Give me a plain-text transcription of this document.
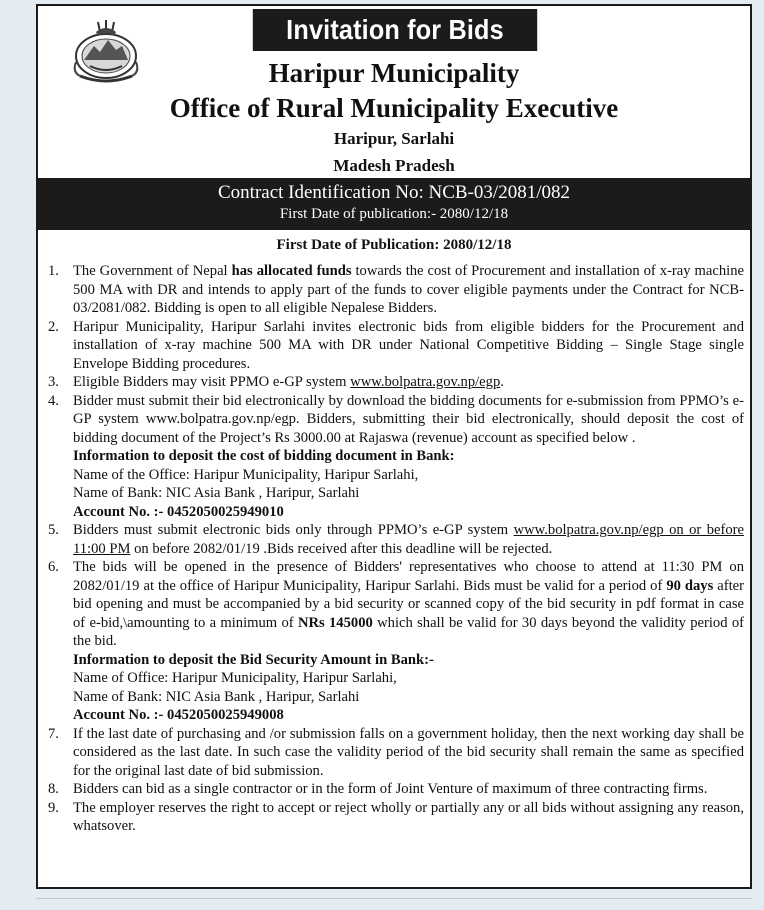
Invitation for Bids
Haripur Municipality
Office of Rural Municipality Executive
Haripur, Sarlahi
Madesh Pradesh
Contract Identification No: NCB-03/2081/082
First Date of publication:- 2080/12/18
First Date of Publication: 2080/12/18
1. The Government of Nepal has allocated funds towards the cost of Procurement and installation of x-ray machine 500 MA with DR and intends to apply part of the funds to cover eligible payments under the Contract for NCB-03/2081/082. Bidding is open to all eligible Nepalese Bidders.
2. Haripur Municipality, Haripur Sarlahi invites electronic bids from eligible bidders for the Procurement and installation of x-ray machine 500 MA with DR under National Competitive Bidding – Single Stage single Envelope Bidding procedures.
3. Eligible Bidders may visit PPMO e-GP system www.bolpatra.gov.np/egp.
4. Bidder must submit their bid electronically by download the bidding documents for e-submission from PPMO’s e-GP system www.bolpatra.gov.np/egp. Bidders, submitting their bid electronically, should deposit the cost of bidding document of the Project’s Rs 3000.00 at Rajaswa (revenue) account as specified below .
Information to deposit the cost of bidding document in Bank:
Name of the Office: Haripur Municipality, Haripur Sarlahi,
Name of Bank: NIC Asia Bank , Haripur, Sarlahi
Account No. :- 0452050025949010
5. Bidders must submit electronic bids only through PPMO’s e-GP system www.bolpatra.gov.np/egp on or before 11:00 PM on before 2082/01/19 .Bids received after this deadline will be rejected.
6. The bids will be opened in the presence of Bidders' representatives who choose to attend at 11:30 PM on 2082/01/19 at the office of Haripur Municipality, Haripur Sarlahi. Bids must be valid for a period of 90 days after bid opening and must be accompanied by a bid security or scanned copy of the bid security in pdf format in case of e-bid,\amounting to a minimum of NRs 145000 which shall be valid for 30 days beyond the validity period of the bid.
Information to deposit the Bid Security Amount in Bank:-
Name of Office: Haripur Municipality, Haripur Sarlahi,
Name of Bank: NIC Asia Bank , Haripur, Sarlahi
Account No. :- 0452050025949008
7. If the last date of purchasing and /or submission falls on a government holiday, then the next working day shall be considered as the last date. In such case the validity period of the bid security shall remain the same as specified for the original last date of bid submission.
8. Bidders can bid as a single contractor or in the form of Joint Venture of maximum of three contracting firms.
9. The employer reserves the right to accept or reject wholly or partially any or all bids without assigning any reason, whatsover.
